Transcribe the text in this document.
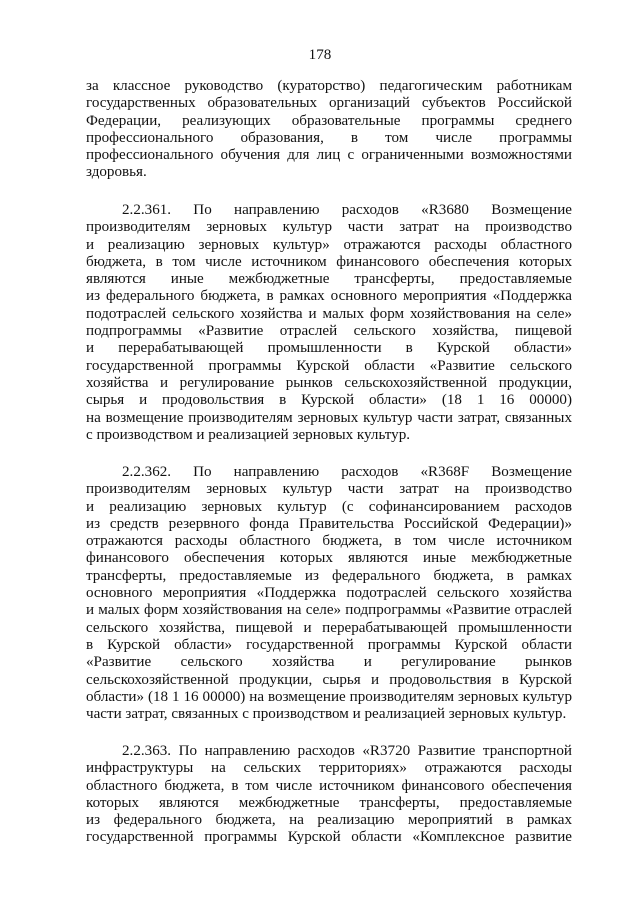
178
за классное руководство (кураторство) педагогическим работникам
государственных образовательных организаций субъектов Российской
Федерации, реализующих образовательные программы среднего
профессионального образования, в том числе программы
профессионального обучения для лиц с ограниченными возможностями
здоровья.
2.2.361. По направлению расходов «R3680 Возмещение
производителям зерновых культур части затрат на производство
и реализацию зерновых культур» отражаются расходы областного
бюджета, в том числе источником финансового обеспечения которых
являются иные межбюджетные трансферты, предоставляемые
из федерального бюджета, в рамках основного мероприятия «Поддержка
подотраслей сельского хозяйства и малых форм хозяйствования на селе»
подпрограммы «Развитие отраслей сельского хозяйства, пищевой
и перерабатывающей промышленности в Курской области»
государственной программы Курской области «Развитие сельского
хозяйства и регулирование рынков сельскохозяйственной продукции,
сырья и продовольствия в Курской области» (18 1 16 00000)
на возмещение производителям зерновых культур части затрат, связанных
с производством и реализацией зерновых культур.
2.2.362. По направлению расходов «R368F Возмещение
производителям зерновых культур части затрат на производство
и реализацию зерновых культур (с софинансированием расходов
из средств резервного фонда Правительства Российской Федерации)»
отражаются расходы областного бюджета, в том числе источником
финансового обеспечения которых являются иные межбюджетные
трансферты, предоставляемые из федерального бюджета, в рамках
основного мероприятия «Поддержка подотраслей сельского хозяйства
и малых форм хозяйствования на селе» подпрограммы «Развитие отраслей
сельского хозяйства, пищевой и перерабатывающей промышленности
в Курской области» государственной программы Курской области
«Развитие сельского хозяйства и регулирование рынков
сельскохозяйственной продукции, сырья и продовольствия в Курской
области» (18 1 16 00000) на возмещение производителям зерновых культур
части затрат, связанных с производством и реализацией зерновых культур.
2.2.363. По направлению расходов «R3720 Развитие транспортной
инфраструктуры на сельских территориях» отражаются расходы
областного бюджета, в том числе источником финансового обеспечения
которых являются межбюджетные трансферты, предоставляемые
из федерального бюджета, на реализацию мероприятий в рамках
государственной программы Курской области «Комплексное развитие
